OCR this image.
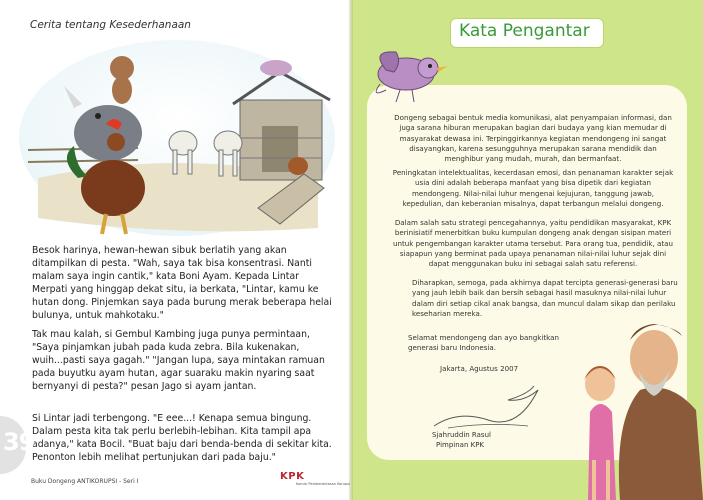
Cerita tentang Kesederhanaan

Besok harinya, hewan-hewan sibuk berlatih yang akan ditampilkan di pesta. "Wah, saya tak bisa konsentrasi. Nanti malam saya ingin cantik," kata Boni Ayam. Kepada Lintar Merpati yang hinggap dekat situ, ia berkata, "Lintar, kamu ke hutan dong. Pinjemkan saya pada burung merak beberapa helai bulunya, untuk mahkotaku."

Tak mau kalah, si Gembul Kambing juga punya permintaan, "Saya pinjamkan jubah pada kuda zebra. Bila kukenakan, wuih...pasti saya gagah." "Jangan lupa, saya mintakan ramuan pada buyutku ayam hutan, agar suaraku makin nyaring saat bernyanyi di pesta?" pesan Jago si ayam jantan.

Si Lintar jadi terbengong. "E eee...! Kenapa semua bingung. Dalam pesta kita tak perlu berlebih-lebihan. Kita tampil apa adanya," kata Bocil. "Buat baju dari benda-benda di sekitar kita. Penonton lebih melihat pertunjukan dari pada baju."

39
Buku Dongeng ANTIKORUPSI - Seri I	KPK
Komisi Pemberantasan Korupsi
Kata Pengantar

Dongeng sebagai bentuk media komunikasi, alat penyampaian informasi, dan juga sarana hiburan merupakan bagian dari budaya yang kian memudar di masyarakat dewasa ini. Terpinggirkannya kegiatan mendongeng ini sangat disayangkan, karena sesungguhnya merupakan sarana mendidik dan menghibur yang mudah, murah, dan bermanfaat.

Peningkatan intelektualitas, kecerdasan emosi, dan penanaman karakter sejak usia dini adalah beberapa manfaat yang bisa dipetik dari kegiatan mendongeng. Nilai-nilai luhur mengenai kejujuran, tanggung jawab, kepedulian, dan keberanian misalnya, dapat terbangun melalui dongeng.

Dalam salah satu strategi pencegahannya, yaitu pendidikan masyarakat, KPK berinisiatif menerbitkan buku kumpulan dongeng anak dengan sisipan materi untuk pengembangan karakter utama tersebut. Para orang tua, pendidik, atau siapapun yang berminat pada upaya penanaman nilai-nilai luhur sejak dini dapat menggunakan buku ini sebagai salah satu referensi.

Diharapkan, semoga, pada akhirnya dapat tercipta generasi-generasi baru yang jauh lebih baik dan bersih sebagai hasil masuknya nilai-nilai luhur dalam diri setiap cikal anak bangsa, dan muncul dalam sikap dan perilaku keseharian mereka.

Selamat mendongeng dan ayo bangkitkan generasi baru Indonesia.

Jakarta, Agustus 2007
Sjahruddin Rasul
Pimpinan KPK
